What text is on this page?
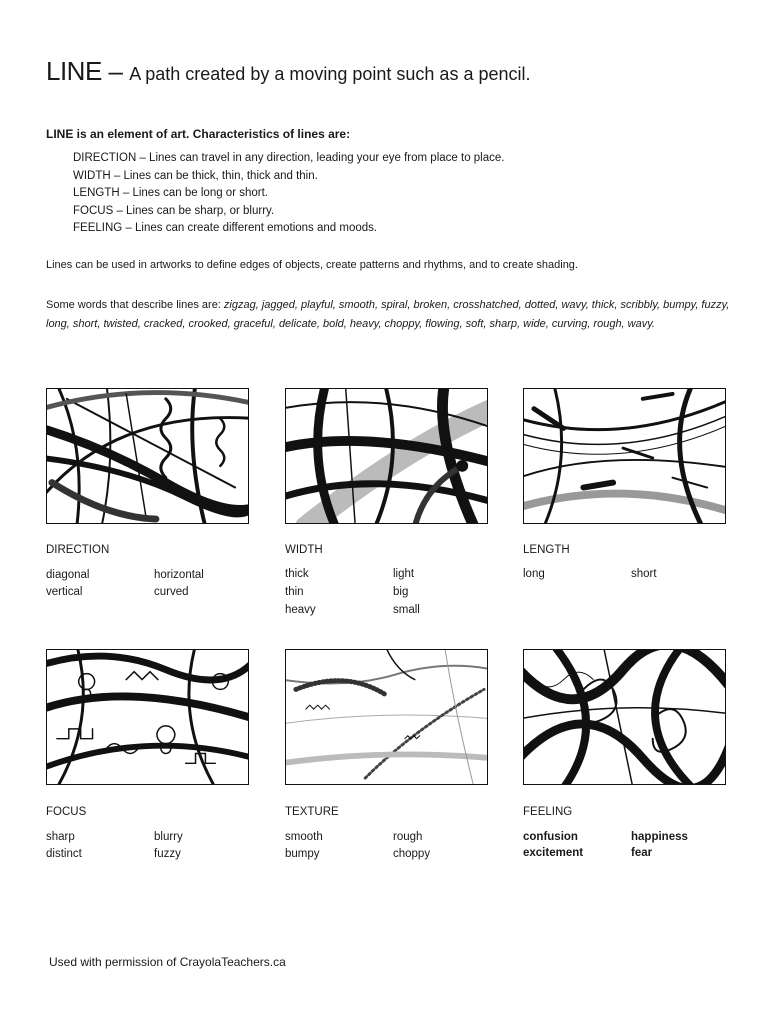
LINE – A path created by a moving point such as a pencil.
LINE is an element of art. Characteristics of lines are:
DIRECTION – Lines can travel in any direction, leading your eye from place to place.
WIDTH – Lines can be thick, thin, thick and thin.
LENGTH – Lines can be long or short.
FOCUS – Lines can be sharp, or blurry.
FEELING – Lines can create different emotions and moods.
Lines can be used in artworks to define edges of objects, create patterns and rhythms, and to create shading.
Some words that describe lines are: zigzag, jagged, playful, smooth, spiral, broken, crosshatched, dotted, wavy, thick, scribbly, bumpy, fuzzy, long, short, twisted, cracked, crooked, graceful, delicate, bold, heavy, choppy, flowing, soft, sharp, wide, curving, rough, wavy.
DIRECTION
diagonal
vertical
horizontal
curved
WIDTH
thick
thin
heavy
light
big
small
LENGTH
long	short
FOCUS
sharp
distinct
blurry
fuzzy
TEXTURE
smooth
bumpy
rough
choppy
FEELING
confusion
excitement
happiness
fear
Used with permission of CrayolaTeachers.ca
